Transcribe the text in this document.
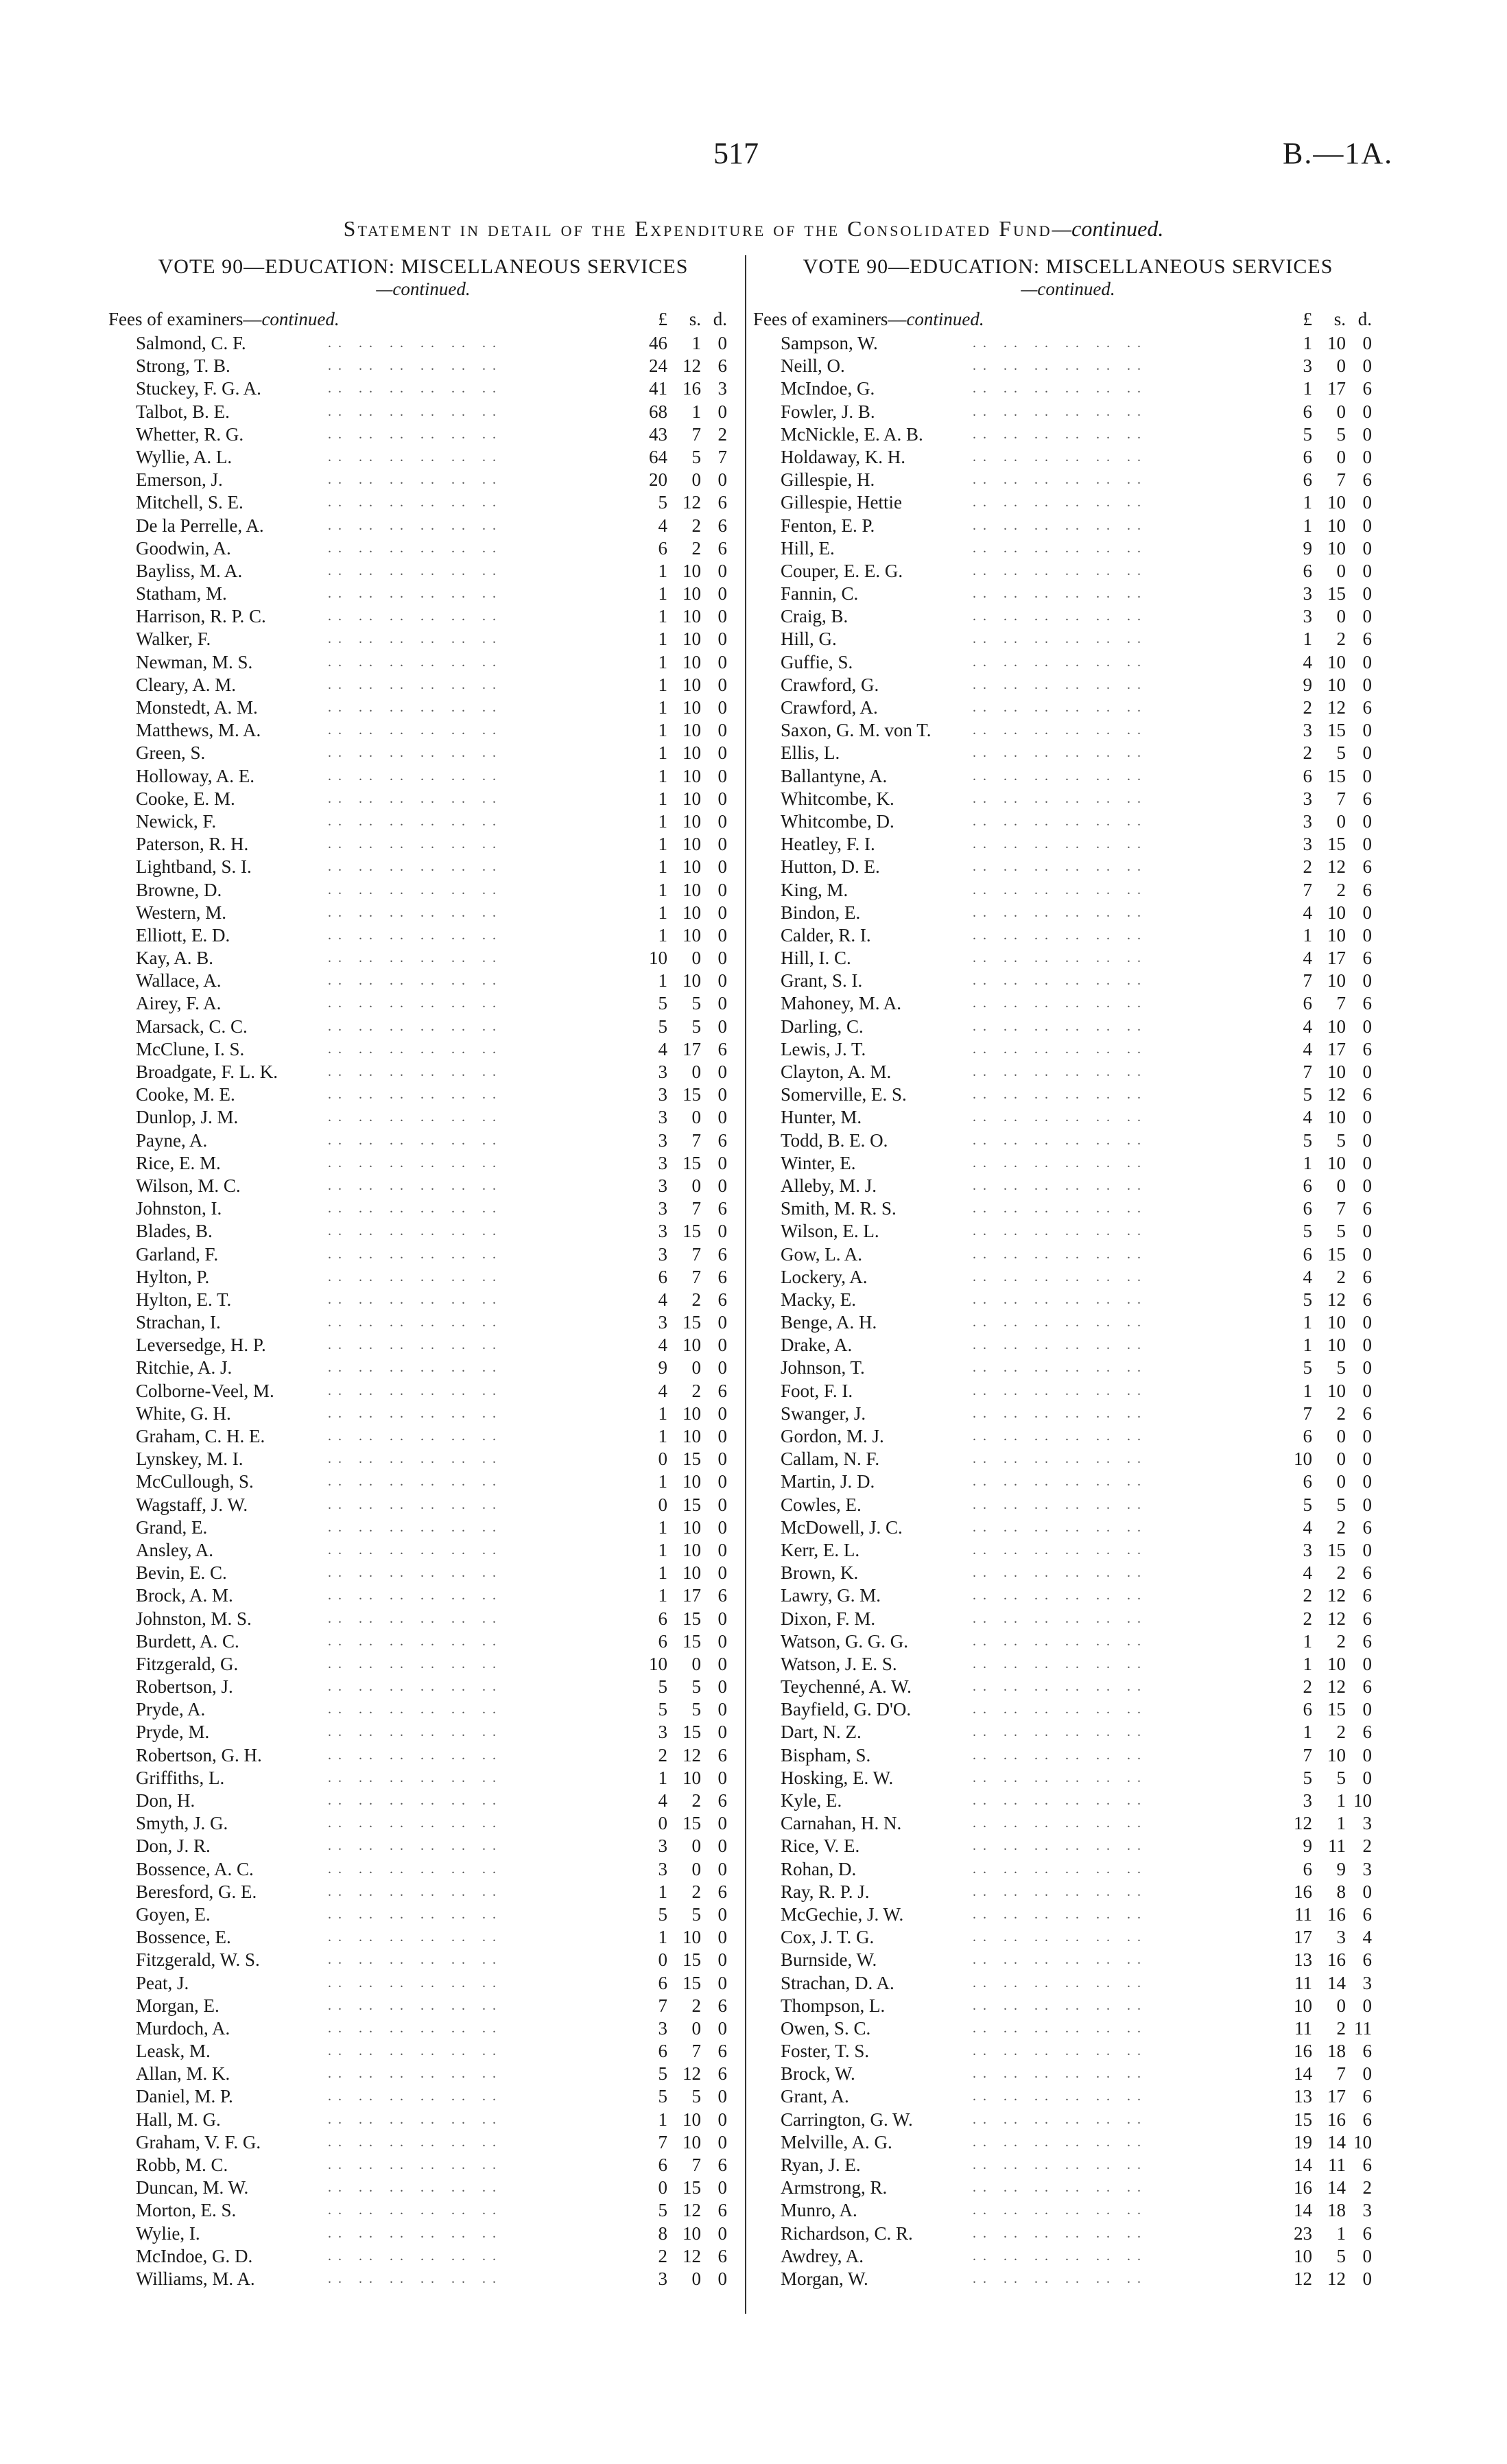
517	B.—1A.
Statement in detail of the Expenditure of the Consolidated Fund—continued.
VOTE 90—EDUCATION: MISCELLANEOUS SERVICES
—continued.
Fees of examiners—continued.	£	s. d.
Salmond, C. F.	.. .. .. .. .. ..	46	1 0
Strong, T. B.	.. .. .. .. .. ..	24 12 6
Stuckey, F. G. A.	.. .. .. .. .. ..	41 16 3
Talbot, B. E.	.. .. .. .. .. ..	68	1 0
Whetter, R. G.	.. .. .. .. .. ..	43	7 2
Wyllie, A. L.	.. .. .. .. .. ..	64	5 7
Emerson, J.	.. .. .. .. .. ..	20	0 0
Mitchell, S. E.	.. .. .. .. .. ..	5 12 6
De la Perrelle, A.	.. .. .. .. .. ..	4	2 6
Goodwin, A.	.. .. .. .. .. ..	6	2 6
Bayliss, M. A.	.. .. .. .. .. ..	1 10 0
Statham, M.	.. .. .. .. .. ..	1 10 0
Harrison, R. P. C.	.. .. .. .. .. ..	1 10 0
Walker, F.	.. .. .. .. .. ..	1 10 0
Newman, M. S.	.. .. .. .. .. ..	1 10 0
Cleary, A. M.	.. .. .. .. .. ..	1 10 0
Monstedt, A. M.	.. .. .. .. .. ..	1 10 0
Matthews, M. A.	.. .. .. .. .. ..	1 10 0
Green, S.	.. .. .. .. .. ..	1 10 0
Holloway, A. E.	.. .. .. .. .. ..	1 10 0
Cooke, E. M.	.. .. .. .. .. ..	1 10 0
Newick, F.	.. .. .. .. .. ..	1 10 0
Paterson, R. H.	.. .. .. .. .. ..	1 10 0
Lightband, S. I.	.. .. .. .. .. ..	1 10 0
Browne, D.	.. .. .. .. .. ..	1 10 0
Western, M.	.. .. .. .. .. ..	1 10 0
Elliott, E. D.	.. .. .. .. .. ..	1 10 0
Kay, A. B.	.. .. .. .. .. ..	10	0 0
Wallace, A.	.. .. .. .. .. ..	1 10 0
Airey, F. A.	.. .. .. .. .. ..	5	5 0
Marsack, C. C.	.. .. .. .. .. ..	5	5 0
McClune, I. S.	.. .. .. .. .. ..	4 17 6
Broadgate, F. L. K.	.. .. .. .. .. ..	3	0 0
Cooke, M. E.	.. .. .. .. .. ..	3 15 0
Dunlop, J. M.	.. .. .. .. .. ..	3	0 0
Payne, A.	.. .. .. .. .. ..	3	7 6
Rice, E. M.	.. .. .. .. .. ..	3 15 0
Wilson, M. C.	.. .. .. .. .. ..	3	0 0
Johnston, I.	.. .. .. .. .. ..	3	7 6
Blades, B.	.. .. .. .. .. ..	3 15 0
Garland, F.	.. .. .. .. .. ..	3	7 6
Hylton, P.	.. .. .. .. .. ..	6	7 6
Hylton, E. T.	.. .. .. .. .. ..	4	2 6
Strachan, I.	.. .. .. .. .. ..	3 15 0
Leversedge, H. P.	.. .. .. .. .. ..	4 10 0
Ritchie, A. J.	.. .. .. .. .. ..	9	0 0
Colborne-Veel, M.	.. .. .. .. .. ..	4	2 6
White, G. H.	.. .. .. .. .. ..	1 10 0
Graham, C. H. E.	.. .. .. .. .. ..	1 10 0
Lynskey, M. I.	.. .. .. .. .. ..	0 15 0
McCullough, S.	.. .. .. .. .. ..	1 10 0
Wagstaff, J. W.	.. .. .. .. .. ..	0 15 0
Grand, E.	.. .. .. .. .. ..	1 10 0
Ansley, A.	.. .. .. .. .. ..	1 10 0
Bevin, E. C.	.. .. .. .. .. ..	1 10 0
Brock, A. M.	.. .. .. .. .. ..	1 17 6
Johnston, M. S.	.. .. .. .. .. ..	6 15 0
Burdett, A. C.	.. .. .. .. .. ..	6 15 0
Fitzgerald, G.	.. .. .. .. .. ..	10	0 0
Robertson, J.	.. .. .. .. .. ..	5	5 0
Pryde, A.	.. .. .. .. .. ..	5	5 0
Pryde, M.	.. .. .. .. .. ..	3 15 0
Robertson, G. H.	.. .. .. .. .. ..	2 12 6
Griffiths, L.	.. .. .. .. .. ..	1 10 0
Don, H.	.. .. .. .. .. ..	4	2 6
Smyth, J. G.	.. .. .. .. .. ..	0 15 0
Don, J. R.	.. .. .. .. .. ..	3	0 0
Bossence, A. C.	.. .. .. .. .. ..	3	0 0
Beresford, G. E.	.. .. .. .. .. ..	1	2 6
Goyen, E.	.. .. .. .. .. ..	5	5 0
Bossence, E.	.. .. .. .. .. ..	1 10 0
Fitzgerald, W. S.	.. .. .. .. .. ..	0 15 0
Peat, J.	.. .. .. .. .. ..	6 15 0
Morgan, E.	.. .. .. .. .. ..	7	2 6
Murdoch, A.	.. .. .. .. .. ..	3	0 0
Leask, M.	.. .. .. .. .. ..	6	7 6
Allan, M. K.	.. .. .. .. .. ..	5 12 6
Daniel, M. P.	.. .. .. .. .. ..	5	5 0
Hall, M. G.	.. .. .. .. .. ..	1 10 0
Graham, V. F. G.	.. .. .. .. .. ..	7 10 0
Robb, M. C.	.. .. .. .. .. ..	6	7 6
Duncan, M. W.	.. .. .. .. .. ..	0 15 0
Morton, E. S.	.. .. .. .. .. ..	5 12 6
Wylie, I.	.. .. .. .. .. ..	8 10 0
McIndoe, G. D.	.. .. .. .. .. ..	2 12 6
Williams, M. A.	.. .. .. .. .. ..	3	0 0
VOTE 90—EDUCATION: MISCELLANEOUS SERVICES
—continued.
Fees of examiners—continued.	£	s. d.
Sampson, W.	.. .. .. .. .. ..	1 10 0
Neill, O.	.. .. .. .. .. ..	3	0 0
McIndoe, G.	.. .. .. .. .. ..	1 17 6
Fowler, J. B.	.. .. .. .. .. ..	6	0 0
McNickle, E. A. B.	.. .. .. .. .. ..	5	5 0
Holdaway, K. H.	.. .. .. .. .. ..	6	0 0
Gillespie, H.	.. .. .. .. .. ..	6	7 6
Gillespie, Hettie	.. .. .. .. .. ..	1 10 0
Fenton, E. P.	.. .. .. .. .. ..	1 10 0
Hill, E.	.. .. .. .. .. ..	9 10 0
Couper, E. E. G.	.. .. .. .. .. ..	6	0 0
Fannin, C.	.. .. .. .. .. ..	3 15 0
Craig, B.	.. .. .. .. .. ..	3	0 0
Hill, G.	.. .. .. .. .. ..	1	2 6
Guffie, S.	.. .. .. .. .. ..	4 10 0
Crawford, G.	.. .. .. .. .. ..	9 10 0
Crawford, A.	.. .. .. .. .. ..	2 12 6
Saxon, G. M. von T.	.. .. .. .. .. ..	3 15 0
Ellis, L.	.. .. .. .. .. ..	2	5 0
Ballantyne, A.	.. .. .. .. .. ..	6 15 0
Whitcombe, K.	.. .. .. .. .. ..	3	7 6
Whitcombe, D.	.. .. .. .. .. ..	3	0 0
Heatley, F. I.	.. .. .. .. .. ..	3 15 0
Hutton, D. E.	.. .. .. .. .. ..	2 12 6
King, M.	.. .. .. .. .. ..	7	2 6
Bindon, E.	.. .. .. .. .. ..	4 10 0
Calder, R. I.	.. .. .. .. .. ..	1 10 0
Hill, I. C.	.. .. .. .. .. ..	4 17 6
Grant, S. I.	.. .. .. .. .. ..	7 10 0
Mahoney, M. A.	.. .. .. .. .. ..	6	7 6
Darling, C.	.. .. .. .. .. ..	4 10 0
Lewis, J. T.	.. .. .. .. .. ..	4 17 6
Clayton, A. M.	.. .. .. .. .. ..	7 10 0
Somerville, E. S.	.. .. .. .. .. ..	5 12 6
Hunter, M.	.. .. .. .. .. ..	4 10 0
Todd, B. E. O.	.. .. .. .. .. ..	5	5 0
Winter, E.	.. .. .. .. .. ..	1 10 0
Alleby, M. J.	.. .. .. .. .. ..	6	0 0
Smith, M. R. S.	.. .. .. .. .. ..	6	7 6
Wilson, E. L.	.. .. .. .. .. ..	5	5 0
Gow, L. A.	.. .. .. .. .. ..	6 15 0
Lockery, A.	.. .. .. .. .. ..	4	2 6
Macky, E.	.. .. .. .. .. ..	5 12 6
Benge, A. H.	.. .. .. .. .. ..	1 10 0
Drake, A.	.. .. .. .. .. ..	1 10 0
Johnson, T.	.. .. .. .. .. ..	5	5 0
Foot, F. I.	.. .. .. .. .. ..	1 10 0
Swanger, J.	.. .. .. .. .. ..	7	2 6
Gordon, M. J.	.. .. .. .. .. ..	6	0 0
Callam, N. F.	.. .. .. .. .. ..	10	0 0
Martin, J. D.	.. .. .. .. .. ..	6	0 0
Cowles, E.	.. .. .. .. .. ..	5	5 0
McDowell, J. C.	.. .. .. .. .. ..	4	2 6
Kerr, E. L.	.. .. .. .. .. ..	3 15 0
Brown, K.	.. .. .. .. .. ..	4	2 6
Lawry, G. M.	.. .. .. .. .. ..	2 12 6
Dixon, F. M.	.. .. .. .. .. ..	2 12 6
Watson, G. G. G.	.. .. .. .. .. ..	1	2 6
Watson, J. E. S.	.. .. .. .. .. ..	1 10 0
Teychenné, A. W.	.. .. .. .. .. ..	2 12 6
Bayfield, G. D'O.	.. .. .. .. .. ..	6 15 0
Dart, N. Z.	.. .. .. .. .. ..	1	2 6
Bispham, S.	.. .. .. .. .. ..	7 10 0
Hosking, E. W.	.. .. .. .. .. ..	5	5 0
Kyle, E.	.. .. .. .. .. ..	3	1 10
Carnahan, H. N.	.. .. .. .. .. ..	12	1 3
Rice, V. E.	.. .. .. .. .. ..	9 11 2
Rohan, D.	.. .. .. .. .. ..	6	9 3
Ray, R. P. J.	.. .. .. .. .. ..	16	8 0
McGechie, J. W.	.. .. .. .. .. ..	11 16 6
Cox, J. T. G.	.. .. .. .. .. ..	17	3 4
Burnside, W.	.. .. .. .. .. ..	13 16 6
Strachan, D. A.	.. .. .. .. .. ..	11 14 3
Thompson, L.	.. .. .. .. .. ..	10	0 0
Owen, S. C.	.. .. .. .. .. ..	11	2 11
Foster, T. S.	.. .. .. .. .. ..	16 18 6
Brock, W.	.. .. .. .. .. ..	14	7 0
Grant, A.	.. .. .. .. .. ..	13 17 6
Carrington, G. W.	.. .. .. .. .. ..	15 16 6
Melville, A. G.	.. .. .. .. .. ..	19 14 10
Ryan, J. E.	.. .. .. .. .. ..	14 11 6
Armstrong, R.	.. .. .. .. .. ..	16 14 2
Munro, A.	.. .. .. .. .. ..	14 18 3
Richardson, C. R.	.. .. .. .. .. ..	23	1 6
Awdrey, A.	.. .. .. .. .. ..	10	5 0
Morgan, W.	.. .. .. .. .. ..	12 12 0
